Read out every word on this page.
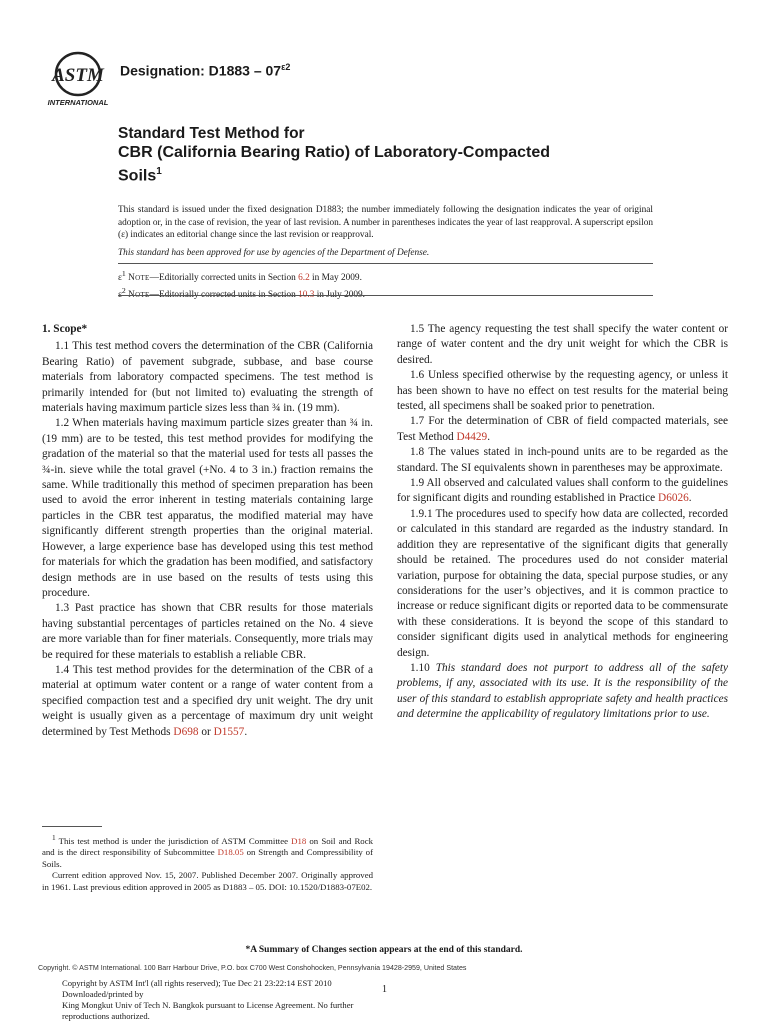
ASTM
INTERNATIONAL
Designation: $D1883 - 07^{\varepsilon 2}$
Standard Test Method for
CBR (California Bearing Ratio) of Laboratory-Compacted
Soils$^1$
This standard is issued under the fixed designation D1883; the number immediately following the designation indicates the year of original adoption or, in the case of revision, the year of last revision. A number in parentheses indicates the year of last reapproval. A superscript epsilon (ε) indicates an editorial change since the last revision or reapproval.
This standard has been approved for use by agencies of the Department of Defense.
$\varepsilon^1$ Note—Editorially corrected units in Section 6.2 in May 2009.
$\varepsilon^2$ Note—Editorially corrected units in Section 10.3 in July 2009.

1. Scope*

1.1 This test method covers the determination of the CBR (California Bearing Ratio) of pavement subgrade, subbase, and base course materials from laboratory compacted specimens. The test method is primarily intended for (but not limited to) evaluating the strength of materials having maximum particle sizes less than ¾ in. (19 mm).

1.2 When materials having maximum particle sizes greater than ¾ in. (19 mm) are to be tested, this test method provides for modifying the gradation of the material so that the material used for tests all passes the ¾-in. sieve while the total gravel (+No. 4 to 3 in.) fraction remains the same. While traditionally this method of specimen preparation has been used to avoid the error inherent in testing materials containing large particles in the CBR test apparatus, the modified material may have significantly different strength properties than the original material. However, a large experience base has developed using this test method for materials for which the gradation has been modified, and satisfactory design methods are in use based on the results of tests using this procedure.

1.3 Past practice has shown that CBR results for those materials having substantial percentages of particles retained on the No. 4 sieve are more variable than for finer materials. Consequently, more trials may be required for these materials to establish a reliable CBR.

1.4 This test method provides for the determination of the CBR of a material at optimum water content or a range of water content from a specified compaction test and a specified dry unit weight. The dry unit weight is usually given as a percentage of maximum dry unit weight determined by Test Methods D698 or D1557.

1.5 The agency requesting the test shall specify the water content or range of water content and the dry unit weight for which the CBR is desired.

1.6 Unless specified otherwise by the requesting agency, or unless it has been shown to have no effect on test results for the material being tested, all specimens shall be soaked prior to penetration.

1.7 For the determination of CBR of field compacted materials, see Test Method D4429.

1.8 The values stated in inch-pound units are to be regarded as the standard. The SI equivalents shown in parentheses may be approximate.

1.9 All observed and calculated values shall conform to the guidelines for significant digits and rounding established in Practice D6026.

1.9.1 The procedures used to specify how data are collected, recorded or calculated in this standard are regarded as the industry standard. In addition they are representative of the significant digits that generally should be retained. The procedures used do not consider material variation, purpose for obtaining the data, special purpose studies, or any considerations for the user’s objectives, and it is common practice to increase or reduce significant digits or reported data to be commensurate with these considerations. It is beyond the scope of this standard to consider significant digits used in analytical methods for engineering design.

1.10 This standard does not purport to address all of the safety problems, if any, associated with its use. It is the responsibility of the user of this standard to establish appropriate safety and health practices and determine the applicability of regulatory limitations prior to use.

$^1$ This test method is under the jurisdiction of ASTM Committee D18 on Soil and Rock and is the direct responsibility of Subcommittee D18.05 on Strength and Compressibility of Soils.

Current edition approved Nov. 15, 2007. Published December 2007. Originally approved in 1961. Last previous edition approved in 2005 as D1883 – 05. DOI: 10.1520/D1883-07E02.

*A Summary of Changes section appears at the end of this standard.
Copyright. © ASTM International. 100 Barr Harbour Drive, P.O. box C700 West Conshohocken, Pennsylvania 19428-2959, United States
Copyright by ASTM Int'l (all rights reserved); Tue Dec 21 23:22:14 EST 2010
Downloaded/printed by
King Mongkut Univ of Tech N. Bangkok pursuant to License Agreement. No further reproductions authorized.
1
